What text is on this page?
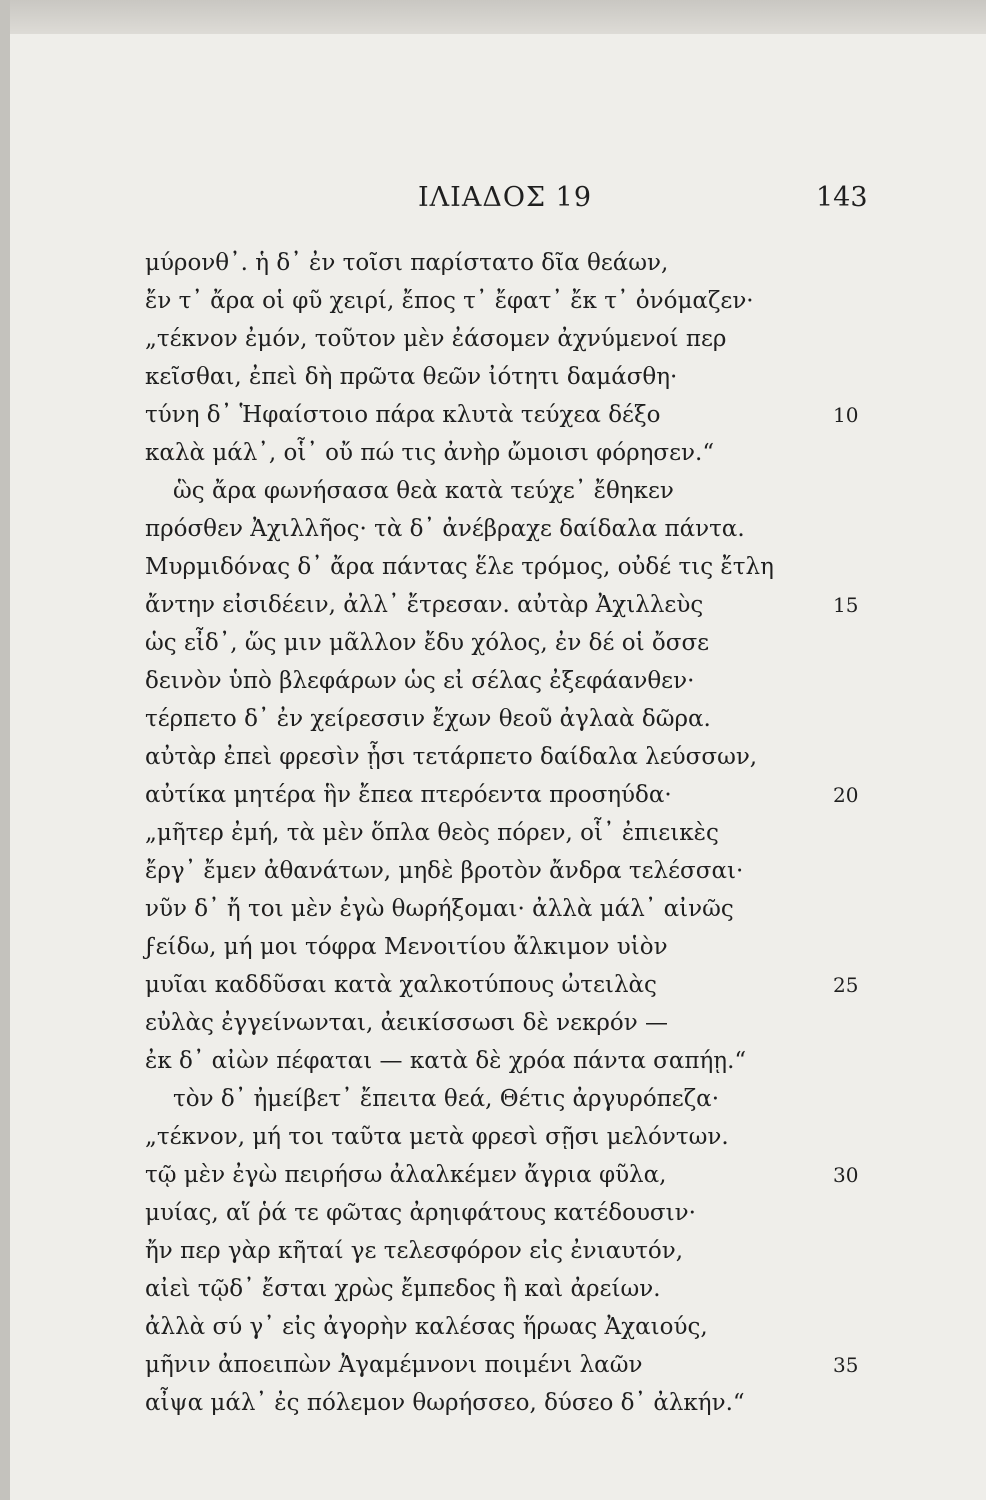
ΙΛΙΑΔΟΣ 19	143
μύρονθ᾽. ἡ δ᾽ ἐν τοῖσι παρίστατο δῖα θεάων,
ἔν τ᾽ ἄρα οἱ φῦ χειρί, ἔπος τ᾽ ἔφατ᾽ ἔκ τ᾽ ὀνόμαζεν·
„τέκνον ἐμόν, τοῦτον μὲν ἐάσομεν ἀχνύμενοί περ
κεῖσθαι, ἐπεὶ δὴ πρῶτα θεῶν ἰότητι δαμάσθη·
τύνη δ᾽ Ἡφαίστοιο πάρα κλυτὰ τεύχεα δέξο	10
καλὰ μάλ᾽, οἷ᾽ οὔ πώ τις ἀνὴρ ὤμοισι φόρησεν.“
ὣς ἄρα φωνήσασα θεὰ κατὰ τεύχε᾽ ἔθηκεν
πρόσθεν Ἀχιλλῆος· τὰ δ᾽ ἀνέβραχε δαίδαλα πάντα.
Μυρμιδόνας δ᾽ ἄρα πάντας ἕλε τρόμος, οὐδέ τις ἔτλη
ἄντην εἰσιδέειν, ἀλλ᾽ ἔτρεσαν. αὐτὰρ Ἀχιλλεὺς	15
ὡς εἶδ᾽, ὥς μιν μᾶλλον ἔδυ χόλος, ἐν δέ οἱ ὄσσε
δεινὸν ὑπὸ βλεφάρων ὡς εἰ σέλας ἐξεφάανθεν·
τέρπετο δ᾽ ἐν χείρεσσιν ἔχων θεοῦ ἀγλαὰ δῶρα.
αὐτὰρ ἐπεὶ φρεσὶν ᾗσι τετάρπετο δαίδαλα λεύσσων,
αὐτίκα μητέρα ἣν ἔπεα πτερόεντα προσηύδα·	20
„μῆτερ ἐμή, τὰ μὲν ὅπλα θεὸς πόρεν, οἷ᾽ ἐπιεικὲς
ἔργ᾽ ἔμεν ἀθανάτων, μηδὲ βροτὸν ἄνδρα τελέσσαι·
νῦν δ᾽ ἤ τοι μὲν ἐγὼ θωρήξομαι· ἀλλὰ μάλ᾽ αἰνῶς
ϝείδω, μή μοι τόφρα Μενοιτίου ἄλκιμον υἱὸν
μυῖαι καδδῦσαι κατὰ χαλκοτύπους ὠτειλὰς	25
εὐλὰς ἐγγείνωνται, ἀεικίσσωσι δὲ νεκρόν —
ἐκ δ᾽ αἰὼν πέφαται — κατὰ δὲ χρόα πάντα σαπήῃ.“
τὸν δ᾽ ἠμείβετ᾽ ἔπειτα θεά, Θέτις ἀργυρόπεζα·
„τέκνον, μή τοι ταῦτα μετὰ φρεσὶ σῇσι μελόντων.
τῷ μὲν ἐγὼ πειρήσω ἀλαλκέμεν ἄγρια φῦλα,	30
μυίας, αἵ ῥά τε φῶτας ἀρηιφάτους κατέδουσιν·
ἤν περ γὰρ κῆταί γε τελεσφόρον εἰς ἐνιαυτόν,
αἰεὶ τῷδ᾽ ἔσται χρὼς ἔμπεδος ἢ καὶ ἀρείων.
ἀλλὰ σύ γ᾽ εἰς ἀγορὴν καλέσας ἥρωας Ἀχαιούς,
μῆνιν ἀποειπὼν Ἀγαμέμνονι ποιμένι λαῶν	35
αἶψα μάλ᾽ ἐς πόλεμον θωρήσσεο, δύσεο δ᾽ ἀλκήν.“
